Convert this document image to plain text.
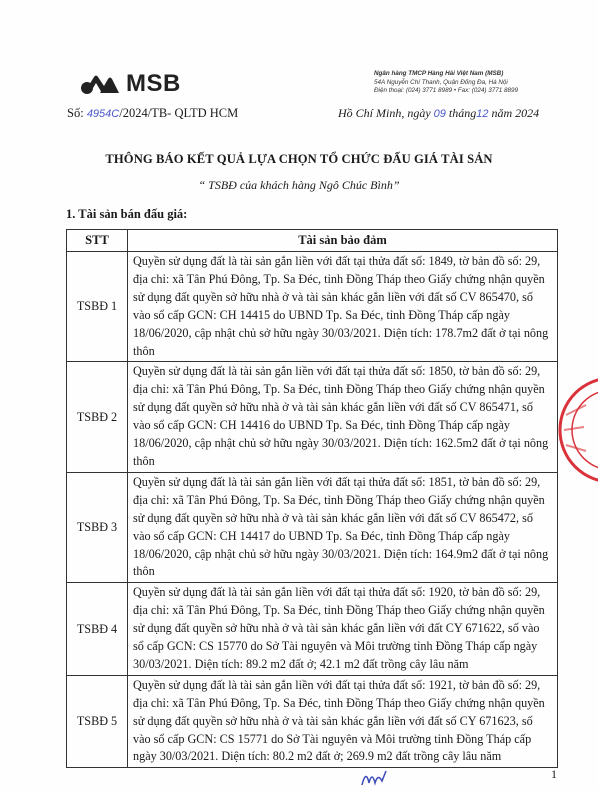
MSB	Ngân hàng TMCP Hàng Hải Việt Nam (MSB)
54A Nguyễn Chí Thanh, Quận Đống Đa, Hà Nội
Điện thoại: (024) 3771 8989 • Fax: (024) 3771 8899
Số: 4954C/2024/TB- QLTD HCM	Hồ Chí Minh, ngày 09 tháng12 năm 2024
THÔNG BÁO KẾT QUẢ LỰA CHỌN TỔ CHỨC ĐẤU GIÁ TÀI SẢN
“ TSBĐ của khách hàng Ngô Chúc Bình”
1. Tài sản bán đấu giá:
STT	Tài sản bảo đảm
TSBĐ 1	Quyền sử dụng đất là tài sản gắn liền với đất tại thửa đất số: 1849, tờ bản đồ số: 29, địa chỉ: xã Tân Phú Đông, Tp. Sa Đéc, tỉnh Đồng Tháp theo Giấy chứng nhận quyền sử dụng đất quyền sở hữu nhà ở và tài sản khác gắn liền với đất số CV 865470, số vào sổ cấp GCN: CH 14415 do UBND Tp. Sa Đéc, tỉnh Đồng Tháp cấp ngày 18/06/2020, cập nhật chủ sở hữu ngày 30/03/2021. Diện tích: 178.7m2 đất ở tại nông thôn
TSBĐ 2	Quyền sử dụng đất là tài sản gắn liền với đất tại thửa đất số: 1850, tờ bản đồ số: 29, địa chỉ: xã Tân Phú Đông, Tp. Sa Đéc, tỉnh Đồng Tháp theo Giấy chứng nhận quyền sử dụng đất quyền sở hữu nhà ở và tài sản khác gắn liền với đất số CV 865471, số vào sổ cấp GCN: CH 14416 do UBND Tp. Sa Đéc, tỉnh Đồng Tháp cấp ngày 18/06/2020, cập nhật chủ sở hữu ngày 30/03/2021. Diện tích: 162.5m2 đất ở tại nông thôn
TSBĐ 3	Quyền sử dụng đất là tài sản gắn liền với đất tại thửa đất số: 1851, tờ bản đồ số: 29, địa chỉ: xã Tân Phú Đông, Tp. Sa Đéc, tỉnh Đồng Tháp theo Giấy chứng nhận quyền sử dụng đất quyền sở hữu nhà ở và tài sản khác gắn liền với đất số CV 865472, số vào sổ cấp GCN: CH 14417 do UBND Tp. Sa Đéc, tỉnh Đồng Tháp cấp ngày 18/06/2020, cập nhật chủ sở hữu ngày 30/03/2021. Diện tích: 164.9m2 đất ở tại nông thôn
TSBĐ 4	Quyền sử dụng đất là tài sản gắn liền với đất tại thửa đất số: 1920, tờ bản đồ số: 29, địa chỉ: xã Tân Phú Đông, Tp. Sa Đéc, tỉnh Đồng Tháp theo Giấy chứng nhận quyền sử dụng đất quyền sở hữu nhà ở và tài sản khác gắn liền với đất CY 671622, số vào sổ cấp GCN: CS 15770 do Sở Tài nguyên và Môi trường tỉnh Đồng Tháp cấp ngày 30/03/2021. Diện tích: 89.2 m2 đất ở; 42.1 m2 đất trồng cây lâu năm
TSBĐ 5	Quyền sử dụng đất là tài sản gắn liền với đất tại thửa đất số: 1921, tờ bản đồ số: 29, địa chỉ: xã Tân Phú Đông, Tp. Sa Đéc, tỉnh Đồng Tháp theo Giấy chứng nhận quyền sử dụng đất quyền sở hữu nhà ở và tài sản khác gắn liền với đất số CY 671623, số vào sổ cấp GCN: CS 15771 do Sở Tài nguyên và Môi trường tỉnh Đồng Tháp cấp ngày 30/03/2021. Diện tích: 80.2 m2 đất ở; 269.9 m2 đất trồng cây lâu năm
1
